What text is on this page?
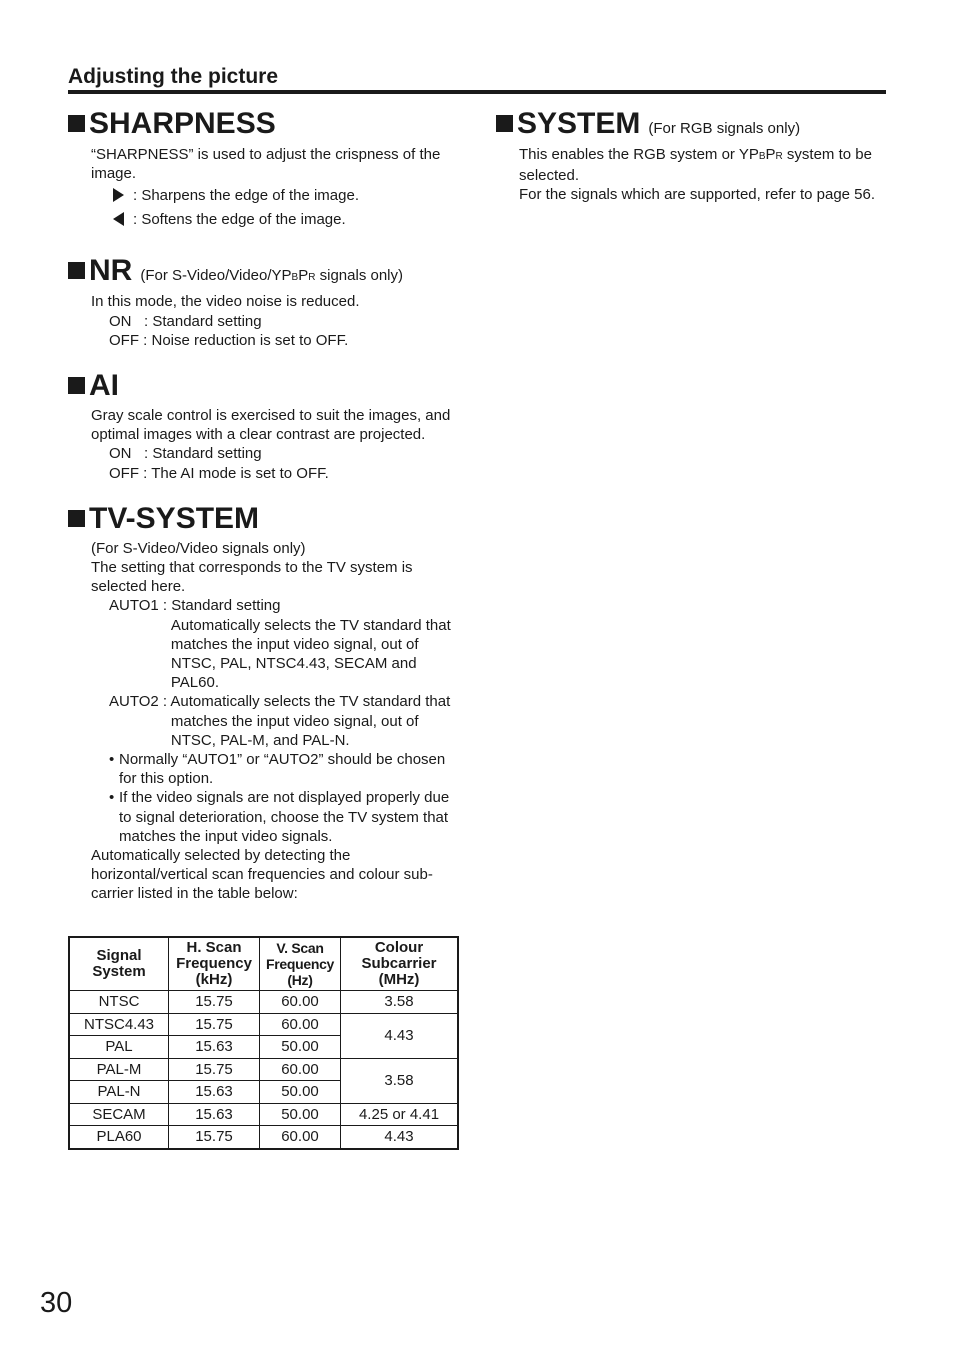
Adjusting the picture
SHARPNESS

“SHARPNESS” is used to adjust the crispness of the image.

: Sharpens the edge of the image.
: Softens the edge of the image.
NR (For S-Video/Video/YPBPR signals only)

In this mode, the video noise is reduced.

ON : Standard setting
OFF : Noise reduction is set to OFF.
AI

Gray scale control is exercised to suit the images, and optimal images with a clear contrast are projected.

ON : Standard setting
OFF : The AI mode is set to OFF.
TV-SYSTEM

(For S-Video/Video signals only)

The setting that corresponds to the TV system is selected here.

AUTO1 : Standard setting
Automatically selects the TV standard that matches the input video signal, out of NTSC, PAL, NTSC4.43, SECAM and PAL60.
AUTO2 : Automatically selects the TV standard that matches the input video signal, out of NTSC, PAL-M, and PAL-N.
• Normally “AUTO1” or “AUTO2” should be chosen for this option.
• If the video signals are not displayed properly due to signal deterioration, choose the TV system that matches the input video signals.

Automatically selected by detecting the horizontal/vertical scan frequencies and colour sub-carrier listed in the table below:

Signal System	H. Scan Frequency (kHz)	V. Scan Frequency (Hz)	Colour Subcarrier (MHz)
NTSC	15.75	60.00	3.58
NTSC4.43	15.75	60.00	4.43
PAL	15.63	50.00	
PAL-M	15.75	60.00	3.58
PAL-N	15.63	50.00	
SECAM	15.63	50.00	4.25 or 4.41
PLA60	15.75	60.00	4.43
SYSTEM (For RGB signals only)

This enables the RGB system or YPBPR system to be selected.

For the signals which are supported, refer to page 56.

30
